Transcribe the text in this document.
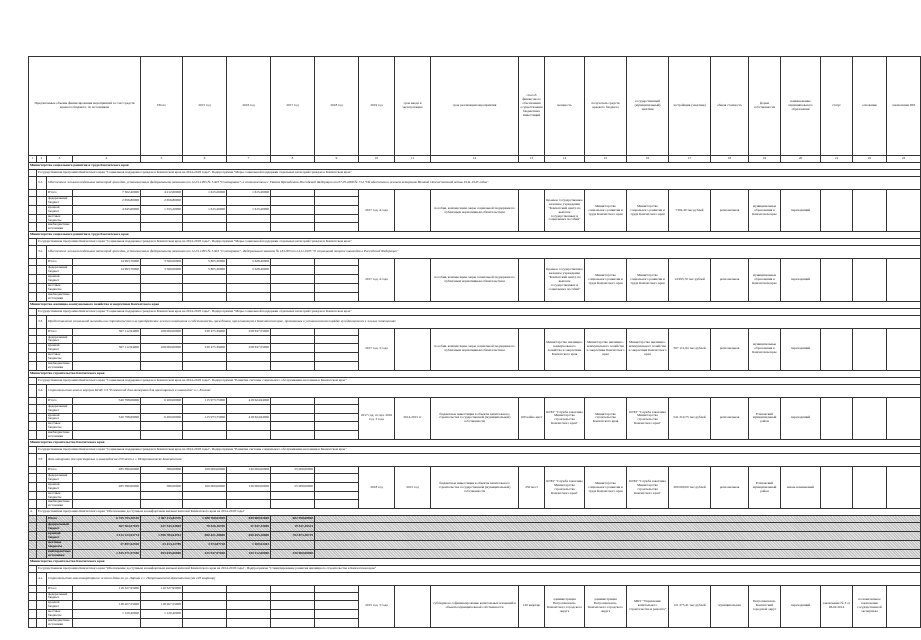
Предлагаемые объемы финансирования мероприятий за счет средств краевого бюджета, по источникам				Итого	2015 год	2016 год	2017 год	2018 год	2019 год	срок ввода в эксплуатацию	срок реализации мероприятия	способ финансового обеспечения осуществления бюджетных инвестиций	мощность	получатель средств краевого бюджета	государственный (муниципальный) заказчик	застройщик (заказчик)	общая стоимость	форма собственности	наименование муниципального образования	статус	основание	заключение ПИ
1	2	3	4	5	6	7	8	9	10	11	12	13	14	15	16	17	18	19	20	21	22	23
Министерство социального развития и труда Камчатского края																						
	Государственная программа Камчатского края "Социальная поддержка граждан в Камчатском крае на 2014-2018 годы". Подпрограмма "Меры социальной поддержки отдельных категорий граждан в Камчатском крае"																					
	3.1.	Обеспечение жильем отдельных категорий граждан, установленных федеральными законами от 12.01.1995 № 5-ФЗ "О ветеранах", в соответствии с Указом Президента Российской Федерации от 07.05.2008 № 714 "Об обеспечении жильем ветеранов Великой Отечественной войны 1941-1945 годов"																				
		Итого	7 302,40000	4 212,00000	1 615,20000	1 615,20000			2017 год, 4 года		пособия, компенсации, меры социальной поддержки по публичным нормативным обязательствам		Краевое государственное казенное учреждение "Камчатский центр по выплате государственных и социальных пособий"	Министерство социального развития и труда Камчатского края	Министерство социального развития и труда Камчатского края	7302,40 тыс.рублей	региональная	муниципальные образования в Камчатском крае	переходящий			
		федеральный бюджет	2 656,80000	2 656,80000																		
		краевой бюджет	4 645,60000	1 555,20000	1 615,20000	1 615,20000																
		местные бюджеты																				
		внебюджетные источники																				
Министерство социального развития и труда Камчатского края																						
	Государственная программа Камчатского края "Социальная поддержка граждан в Камчатском крае на 2014-2018 годы". Подпрограмма "Меры социальной поддержки отдельных категорий граждан в Камчатском крае"																					
	3.2.	Обеспечение жильем отдельных категорий граждан, установленных федеральными законами от 12.01.1995 № 5-ФЗ "О ветеранах", Федеральным законом № 181-ФЗ от 24.11.1995 "О социальной защите инвалидов в Российской Федерации"																				
		Итого	14 993,70000	3 560,00000	5 805,30000	5 628,40000			2017 год, 4 года		пособия, компенсации, меры социальной поддержки по публичным нормативным обязательствам		Краевое государственное казенное учреждение "Камчатский центр по выплате государственных и социальных пособий"	Министерство социального развития и труда Камчатского края	Министерство социального развития и труда Камчатского края	14 993,70 тыс.рублей	региональная	муниципальные образования в Камчатском крае	переходящий			
		федеральный бюджет	14 993,70000	3 560,00000	5 805,30000	5 628,40000																
		краевой бюджет																				
		местные бюджеты																				
		внебюджетные источники																				
Министерство жилищно-коммунального хозяйства и энергетики Камчатского края																						
	Государственная программа Камчатского края "Социальная поддержка граждан в Камчатском крае на 2014-2018 годы". Подпрограмма "Меры социальной поддержки отдельных категорий граждан в Камчатском крае"																					
	3.3.	Предоставление социальной выплаты на строительство или приобретение жилого помещения в собственность гражданам, проживающим в Камчатском крае, признанным в установленном порядке нуждающимися в жилых помещениях																				
		Итого	597 112,94000	108 000,00000	230 475,39000	258 637,55000			2017 год, 3 года		пособия, компенсации, меры социальной поддержки по публичным нормативным обязательствам		Министерство жилищно-коммунального хозяйства и энергетики Камчатского края	Министерство жилищно-коммунального хозяйства и энергетики Камчатского края	Министерство жилищно-коммунального хозяйства и энергетики Камчатского края	597 112,94 тыс.рублей	региональная	муниципальные образования в Камчатском крае	переходящий			
		федеральный бюджет																				
		краевой бюджет	597 112,94000	108 000,00000	230 475,39000	258 637,55000																
		местные бюджеты																				
		внебюджетные источники																				
Министерство строительства Камчатского края																						
	Государственная программа Камчатского края "Социальная поддержка граждан в Камчатском крае на 2014-2018 годы". Подпрограмма "Развитие системы социального обслуживания населения в Камчатском крае"																					
	3.4.	Строительство нового корпуса КГАУ СЗ "Елизовский дом-интернат для престарелых и инвалидов" в г. Елизове																				
		Итого	540 798,69000	6 200,00000	115 973,75000	418 624,94000			2017 год, 4 года; 2016 год, 3 года	2014-2015 гг	бюджетные инвестиции в объекты капитального строительства государственной (муниципальной) собственности	100 койко-мест	КГБУ "Служба заказчика Министерства строительства Камчатского края"	Министерство строительства Камчатского края	КГБУ "Служба заказчика Министерства строительства Камчатского края"	541 210,75 тыс.рублей	региональная	Елизовский муниципальный район	переходящий			
		федеральный бюджет																				
		краевой бюджет	540 798,69000	6 200,00000	115 973,75000	418 624,94000																
		местные бюджеты																				
		внебюджетные источники																				
Министерство строительства Камчатского края																						
	Государственная программа Камчатского края "Социальная поддержка граждан в Камчатском крае на 2014-2018 годы". Подпрограмма "Развитие системы социального обслуживания населения в Камчатском крае"																					
	3.5.	Дом-интернат для престарелых и инвалидов на 250 мест в г. Петропавловске-Камчатском																				
		Итого	285 580,00000	580,00000	100 000,00000	130 000,00000	55 000,00000		2018 год	2015 год	бюджетные инвестиции в объекты капитального строительства государственной (муниципальной) собственности	250 мест	КГБУ "Служба заказчика Министерства строительства Камчатского края"	Министерство социального развития и труда Камчатского края	КГБУ "Служба заказчика Министерства строительства Камчатского края"	300 000,00 тыс.рублей	региональная	Елизовский муниципальный район	вновь начинаемый			
		федеральный бюджет																				
		краевой бюджет	285 580,00000	580,00000	100 000,00000	130 000,00000	55 000,00000															
		местные бюджеты																				
		внебюджетные источники																				
4.	Государственная программа Камчатского края "Обеспечение доступным и комфортным жильем жителей Камчатского края на 2014-2018 годы"																					
		Итого	6 755 793,30510	2 367 113,82370	1 488 768,92969	849 689,92609	602 398,68960															
		федеральный бюджет	367 564,37619	237 543,43605	78 526,16700	31 947,32000	19 547,45314															
		краевой бюджет	4 414 123,55774	1 598 784,64761	980 421,38800	650 455,20800	702 873,30719															
		местные бюджеты	27 897,62920	23 413,22789	3 374,87728	1 109,52403																
		внебюджетные источники	1 535 571,97940	495 045,00000	425 547,97040	165 112,00000	350 000,00000															
Министерство строительства Камчатского края																						
	Государственная программа Камчатского края "Обеспечение доступным и комфортным жильем жителей Камчатского края на 2014-2018 годы". Подпрограмма "Стимулирование развития жилищного строительства в Камчатском крае"																					
	4.1.	Строительство многоквартирного жилого дома по ул. Ларина в г. Петропавловске-Камчатском (на 120 квартир)																				
		Итого	119 327,95000	119 327,95000					2015 год, 3 года		субсидии на софинансирование капитальных вложений в объекты муниципальной собственности	120 квартир	администрация Петропавловск-Камчатского городского округа	администрация Петропавловск-Камчатского городского округа	МКУ "Управление капитального строительства и ремонта"	121 273,41 тыс.рублей	муниципальная	Петропавловск-Камчатский городской округ	переходящий	заключение № 3 от 06.02.2014	положительное заключение государственной экспертизы	
		федеральный бюджет																				
		краевой бюджет	118 207,55000	118 207,55000																		
		местные бюджеты	1 120,40000	1 120,40000																		
		внебюджетные источники																				
